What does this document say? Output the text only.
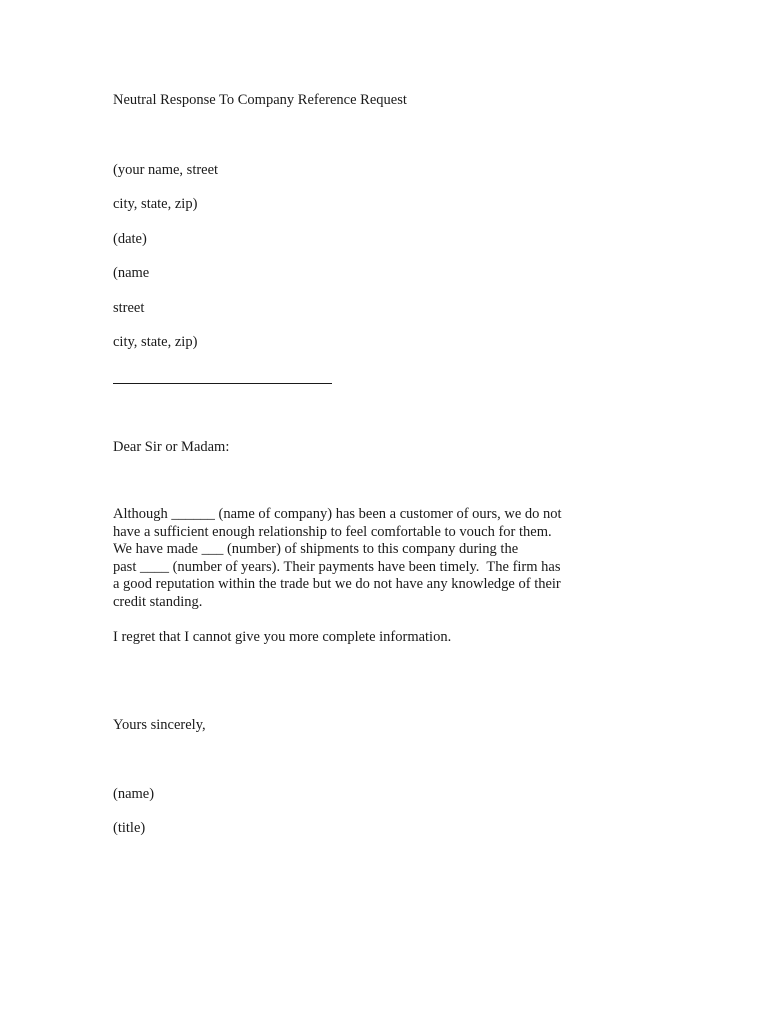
Neutral Response To Company Reference Request
(your name, street
city, state, zip)
(date)
(name
street
city, state, zip)
Dear Sir or Madam:
Although ______ (name of company) has been a customer of ours, we do not
have a sufficient enough relationship to feel comfortable to vouch for them.
We have made ___ (number) of shipments to this company during the
past ____ (number of years). Their payments have been timely.  The firm has
a good reputation within the trade but we do not have any knowledge of their
credit standing.
I regret that I cannot give you more complete information.
Yours sincerely,
(name)
(title)
